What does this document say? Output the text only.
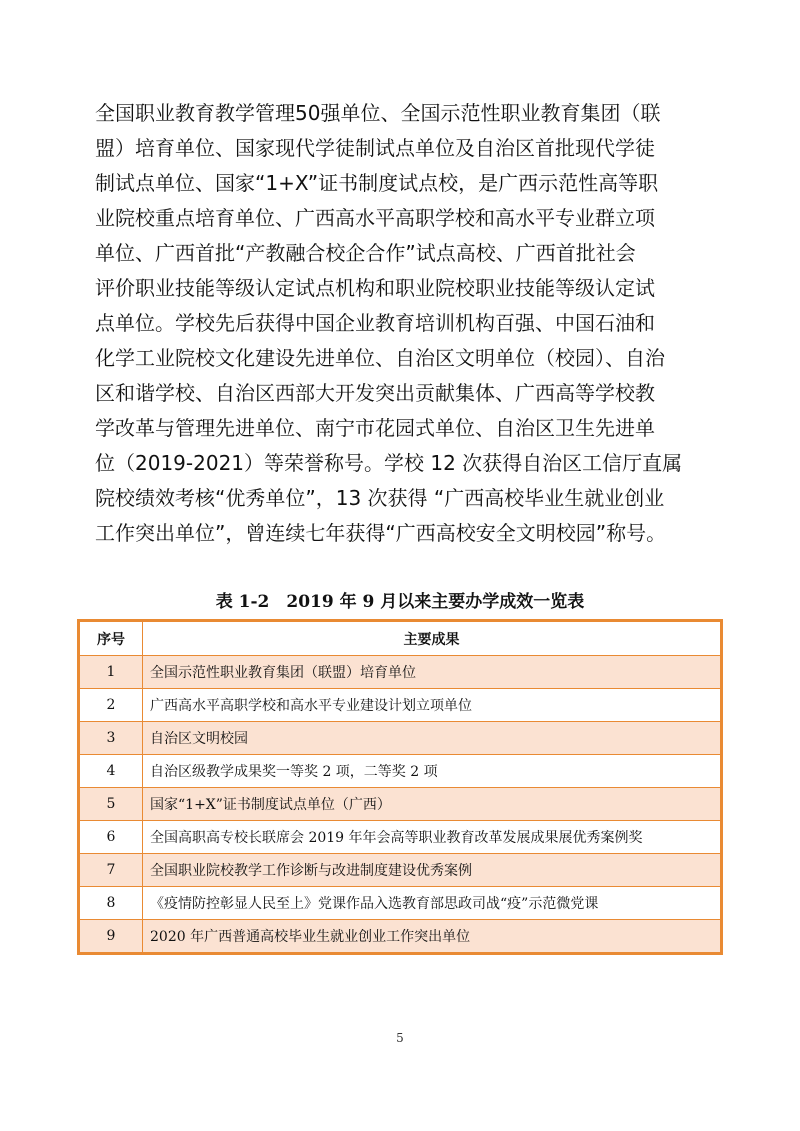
全国职业教育教学管理50强单位、全国示范性职业教育集团（联
盟）培育单位、国家现代学徒制试点单位及自治区首批现代学徒
制试点单位、国家“1+X”证书制度试点校，是广西示范性高等职
业院校重点培育单位、广西高水平高职学校和高水平专业群立项
单位、广西首批“产教融合校企合作”试点高校、广西首批社会
评价职业技能等级认定试点机构和职业院校职业技能等级认定试
点单位。学校先后获得中国企业教育培训机构百强、中国石油和
化学工业院校文化建设先进单位、自治区文明单位（校园）、自治
区和谐学校、自治区西部大开发突出贡献集体、广西高等学校教
学改革与管理先进单位、南宁市花园式单位、自治区卫生先进单
位（2019-2021）等荣誉称号。学校 12 次获得自治区工信厅直属
院校绩效考核“优秀单位”，13 次获得 “广西高校毕业生就业创业
工作突出单位”，曾连续七年获得“广西高校安全文明校园”称号。
表 1-2　2019 年 9 月以来主要办学成效一览表
序号	主要成果
1	全国示范性职业教育集团（联盟）培育单位
2	广西高水平高职学校和高水平专业建设计划立项单位
3	自治区文明校园
4	自治区级教学成果奖一等奖 2 项，二等奖 2 项
5	国家“1+X”证书制度试点单位（广西）
6	全国高职高专校长联席会 2019 年年会高等职业教育改革发展成果展优秀案例奖
7	全国职业院校教学工作诊断与改进制度建设优秀案例
8	《疫情防控彰显人民至上》党课作品入选教育部思政司战“疫”示范微党课
9	2020 年广西普通高校毕业生就业创业工作突出单位
5
